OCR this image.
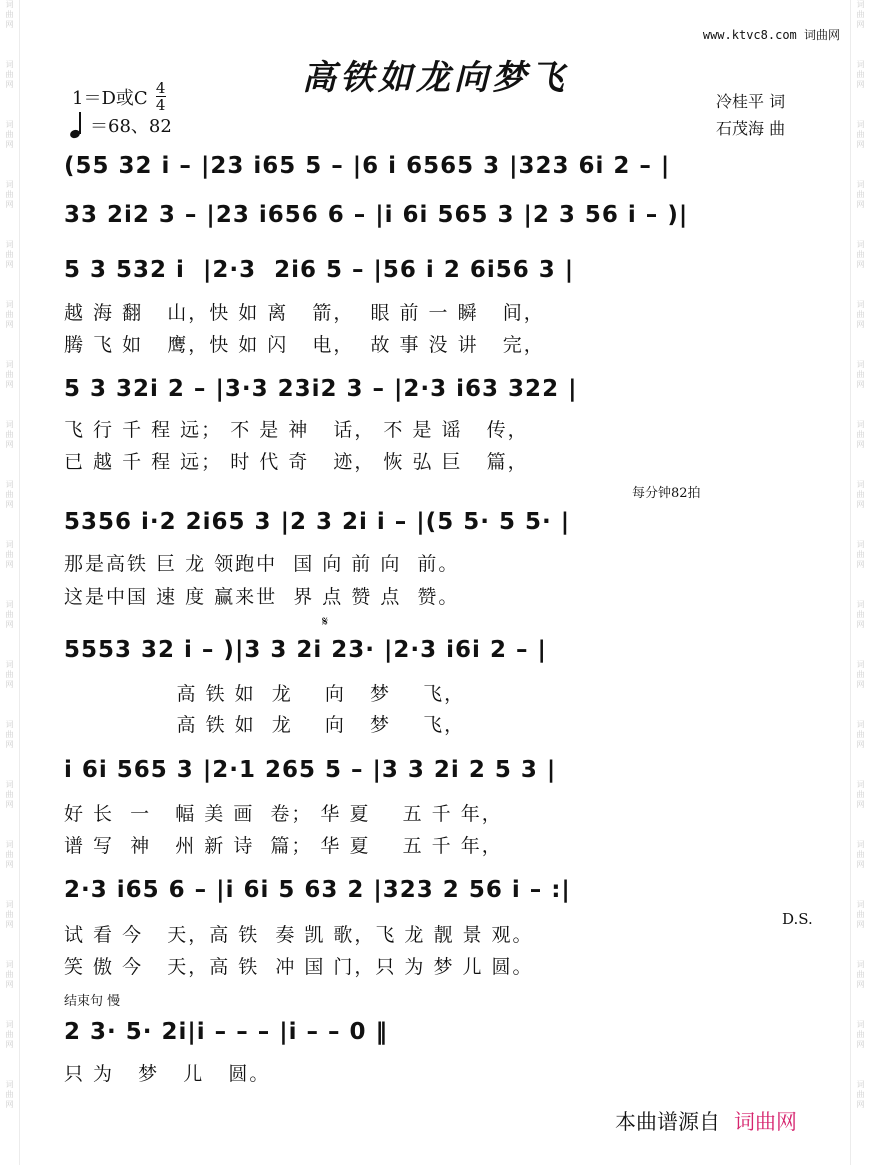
词曲网
词曲网
词曲网
词曲网
词曲网
词曲网
词曲网
词曲网
词曲网
词曲网
词曲网
词曲网
词曲网
词曲网
词曲网
词曲网
词曲网
词曲网
词曲网
词曲网
词曲网
词曲网
词曲网
词曲网
词曲网
词曲网
词曲网
词曲网
词曲网
词曲网
词曲网
词曲网
词曲网
词曲网
词曲网
词曲网
词曲网
词曲网
www.ktvc8.com 词曲网
高铁如龙向梦飞
1＝D或C $\frac{4}{4}$
＝68、82
冷桂平 词
石茂海 曲
(55 32 i – |23 i65 5 – |6 i 6565 3 |323 6i 2 – |
33 2i2 3 – |23 i656 6 – |i 6i 565 3 |2 3 56 i – )|
5 3 532 i  |2·3  2i6 5 – |56 i 2 6i56 3 |
越 海 翻   山，快 如 离   箭，  眼 前 一 瞬   间，
腾 飞 如   鹰，快 如 闪   电，  故 事 没 讲   完，
5 3 32i 2 – |3·3 23i2 3 – |2·3 i63 322 |
飞 行 千 程 远； 不 是 神   话， 不 是 谣   传，
已 越 千 程 远； 时 代 奇   迹， 恢 弘 巨   篇，
每分钟82拍
5356 i·2 2i65 3 |2 3 2i i – |(5 5· 5 5· |
那是高铁 巨 龙 领跑中  国 向 前 向  前。
这是中国 速 度 赢来世  界 点 赞 点  赞。
𝄋
5553 32 i – )|3 3 2i 23· |2·3 i6i 2 – |
高 铁 如  龙    向   梦    飞，
高 铁 如  龙    向   梦    飞，
i 6i 565 3 |2·1 265 5 – |3 3 2i 2 5 3 |
好 长  一   幅 美 画  卷； 华 夏    五 千 年，
谱 写  神   州 新 诗  篇； 华 夏    五 千 年，
2·3 i65 6 – |i 6i 5 63 2 |323 2 56 i – :|
D.S.
试 看 今   天，高 铁  奏 凯 歌，飞 龙 靓 景 观。
笑 傲 今   天，高 铁  冲 国 门，只 为 梦 儿 圆。
结束句 慢
2 3· 5· 2i|i – – – |i – – 0 ‖
只 为   梦   儿   圆。
本曲谱源自 词曲网
